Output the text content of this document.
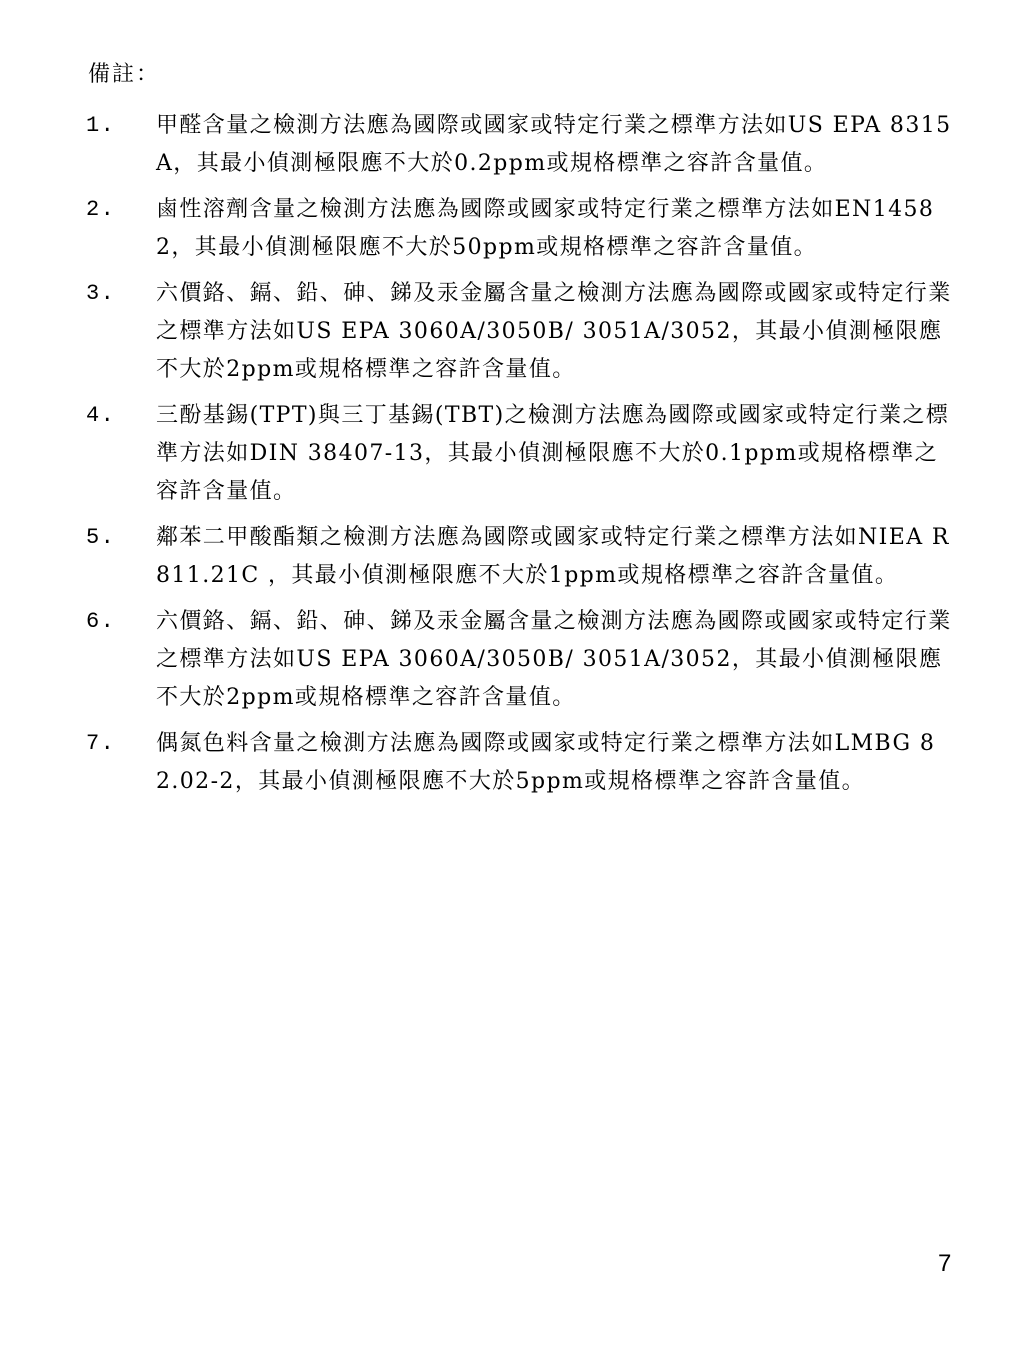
備註：
1.	甲醛含量之檢測方法應為國際或國家或特定行業之標準方法如US EPA 8315A，其最小偵測極限應不大於0.2ppm或規格標準之容許含量值。
2.	鹵性溶劑含量之檢測方法應為國際或國家或特定行業之標準方法如EN14582，其最小偵測極限應不大於50ppm或規格標準之容許含量值。
3.	六價鉻、鎘、鉛、砷、銻及汞金屬含量之檢測方法應為國際或國家或特定行業之標準方法如US EPA 3060A/3050B/ 3051A/3052，其最小偵測極限應不大於2ppm或規格標準之容許含量值。
4.	三酚基錫(TPT)與三丁基錫(TBT)之檢測方法應為國際或國家或特定行業之標準方法如DIN 38407-13，其最小偵測極限應不大於0.1ppm或規格標準之容許含量值。
5.	鄰苯二甲酸酯類之檢測方法應為國際或國家或特定行業之標準方法如NIEA R811.21C ，其最小偵測極限應不大於1ppm或規格標準之容許含量值。
6.	六價鉻、鎘、鉛、砷、銻及汞金屬含量之檢測方法應為國際或國家或特定行業之標準方法如US EPA 3060A/3050B/ 3051A/3052，其最小偵測極限應不大於2ppm或規格標準之容許含量值。
7.	偶氮色料含量之檢測方法應為國際或國家或特定行業之標準方法如LMBG 82.02-2，其最小偵測極限應不大於5ppm或規格標準之容許含量值。
7
